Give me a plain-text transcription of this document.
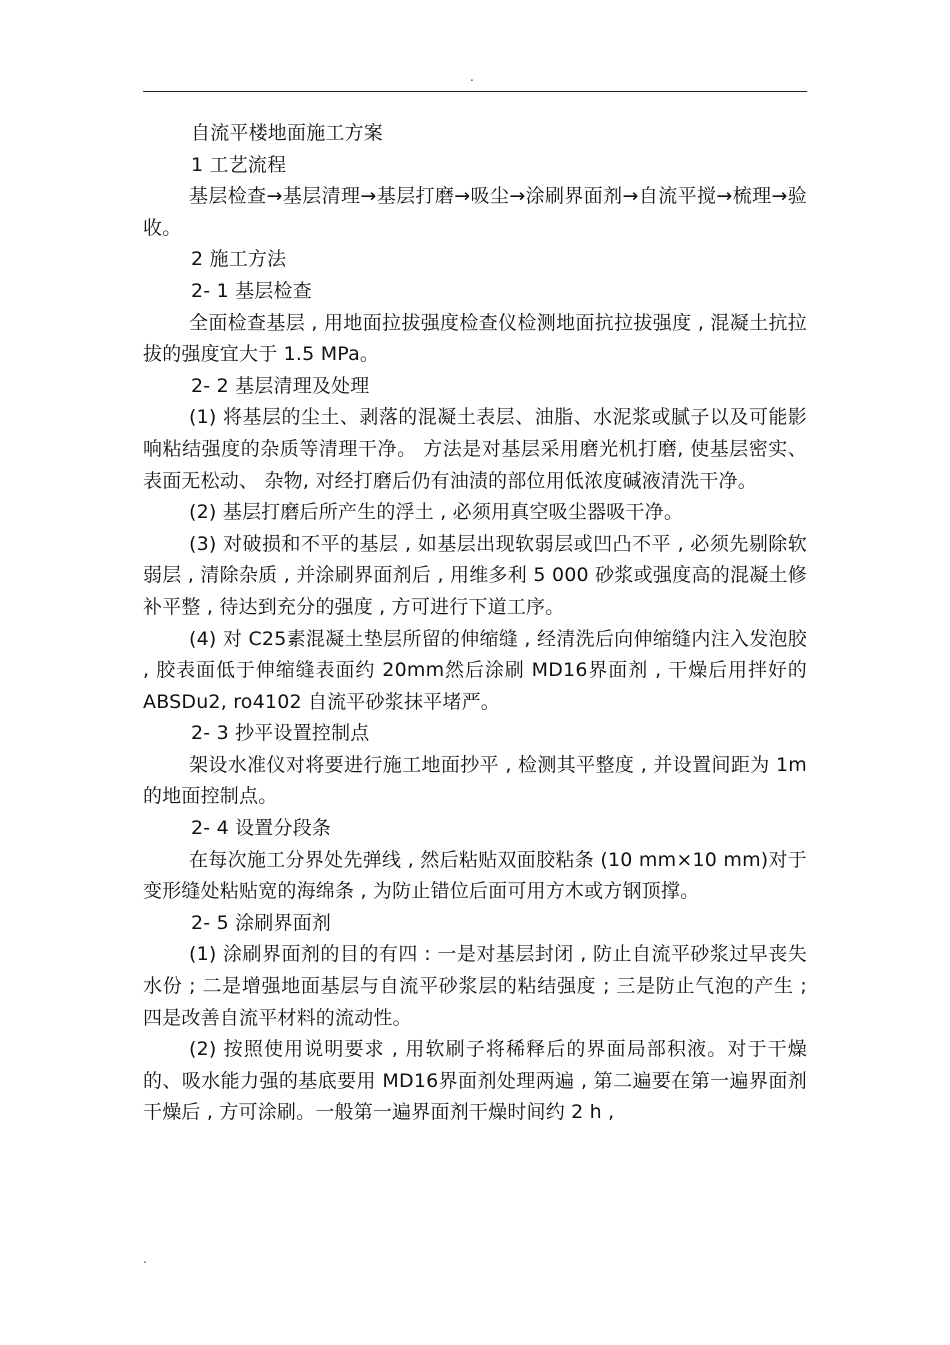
.

自流平楼地面施工方案

1 工艺流程

基层检查→基层清理→基层打磨→吸尘→涂刷界面剂→自流平搅→梳理→验收。

2 施工方法

2- 1 基层检查

全面检查基层 , 用地面拉拔强度检查仪检测地面抗拉拔强度 , 混凝土抗拉拔的强度宜大于 1.5 MPa。

2- 2 基层清理及处理

(1) 将基层的尘土、剥落的混凝土表层、油脂、水泥浆或腻子以及可能影响粘结强度的杂质等清理干净。 方法是对基层采用磨光机打磨, 使基层密实、 表面无松动、 杂物, 对经打磨后仍有油渍的部位用低浓度碱液清洗干净。

(2) 基层打磨后所产生的浮土 , 必须用真空吸尘器吸干净。

(3) 对破损和不平的基层 , 如基层出现软弱层或凹凸不平 , 必须先剔除软弱层 , 清除杂质 , 并涂刷界面剂后 , 用维多利 5 000 砂浆或强度高的混凝土修补平整 , 待达到充分的强度 , 方可进行下道工序。

(4) 对 C25素混凝土垫层所留的伸缩缝 , 经清洗后向伸缩缝内注入发泡胶 , 胶表面低于伸缩缝表面约 20mm然后涂刷 MD16界面剂 , 干燥后用拌好的 ABSDu2, ro4102 自流平砂浆抹平堵严。

2- 3 抄平设置控制点

架设水准仪对将要进行施工地面抄平 , 检测其平整度 , 并设置间距为 1m的地面控制点。

2- 4 设置分段条

在每次施工分界处先弹线 , 然后粘贴双面胶粘条 (10 mm×10 mm)对于变形缝处粘贴宽的海绵条 , 为防止错位后面可用方木或方钢顶撑。

2- 5 涂刷界面剂

(1) 涂刷界面剂的目的有四 : 一是对基层封闭 , 防止自流平砂浆过早丧失水份 ; 二是增强地面基层与自流平砂浆层的粘结强度 ; 三是防止气泡的产生 ; 四是改善自流平材料的流动性。

(2) 按照使用说明要求 , 用软刷子将稀释后的界面局部积液。对于干燥的、吸水能力强的基底要用 MD16界面剂处理两遍 , 第二遍要在第一遍界面剂干燥后 , 方可涂刷。一般第一遍界面剂干燥时间约 2 h ,

.
